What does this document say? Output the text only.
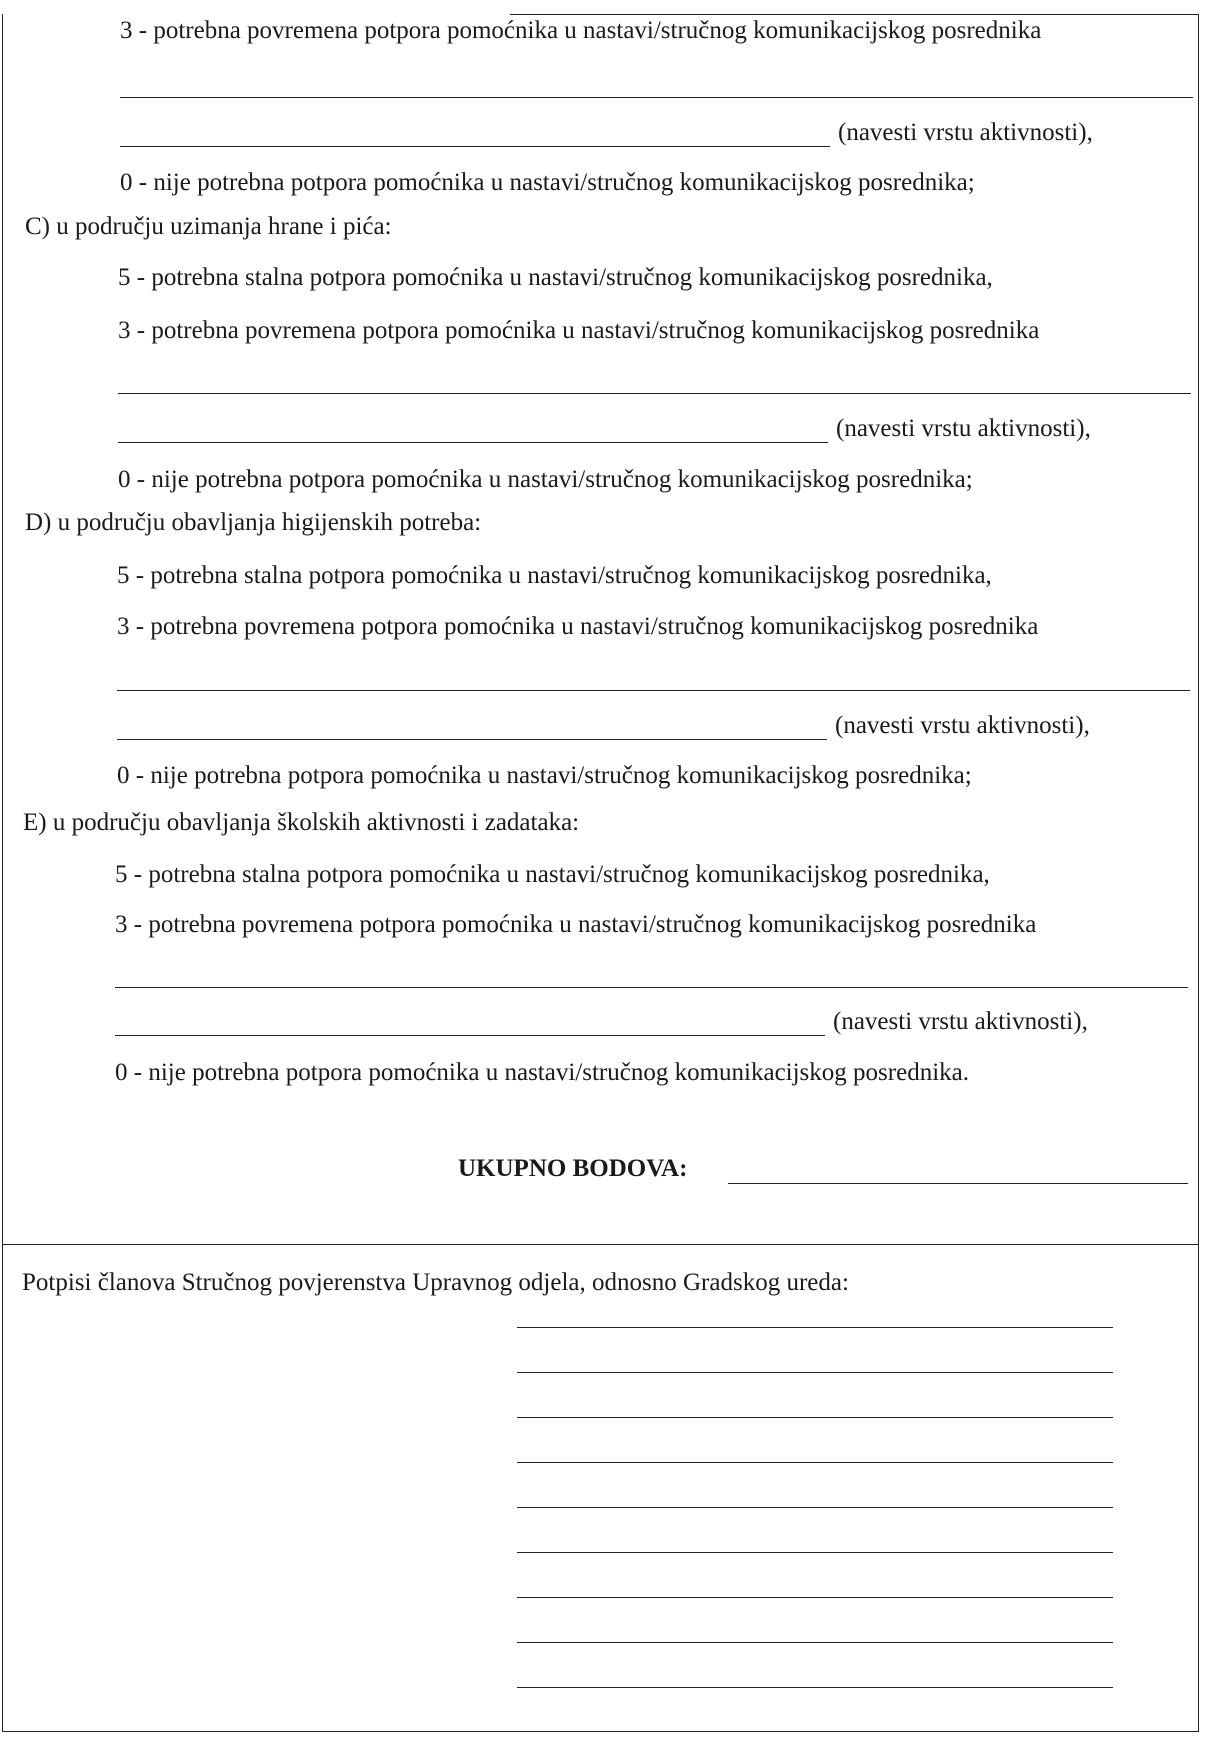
3 - potrebna povremena potpora pomoćnika u nastavi/stručnog komunikacijskog posrednika
(navesti vrstu aktivnosti),
0 - nije potrebna potpora pomoćnika u nastavi/stručnog komunikacijskog posrednika;
C) u području uzimanja hrane i pića:
5 - potrebna stalna potpora pomoćnika u nastavi/stručnog komunikacijskog posrednika,
3 - potrebna povremena potpora pomoćnika u nastavi/stručnog komunikacijskog posrednika
(navesti vrstu aktivnosti),
0 - nije potrebna potpora pomoćnika u nastavi/stručnog komunikacijskog posrednika;
D) u području obavljanja higijenskih potreba:
5 - potrebna stalna potpora pomoćnika u nastavi/stručnog komunikacijskog posrednika,
3 - potrebna povremena potpora pomoćnika u nastavi/stručnog komunikacijskog posrednika
(navesti vrstu aktivnosti),
0 - nije potrebna potpora pomoćnika u nastavi/stručnog komunikacijskog posrednika;
E) u području obavljanja školskih aktivnosti i zadataka:
5 - potrebna stalna potpora pomoćnika u nastavi/stručnog komunikacijskog posrednika,
3 - potrebna povremena potpora pomoćnika u nastavi/stručnog komunikacijskog posrednika
(navesti vrstu aktivnosti),
0 - nije potrebna potpora pomoćnika u nastavi/stručnog komunikacijskog posrednika.
UKUPNO BODOVA:
Potpisi članova Stručnog povjerenstva Upravnog odjela, odnosno Gradskog ureda:
